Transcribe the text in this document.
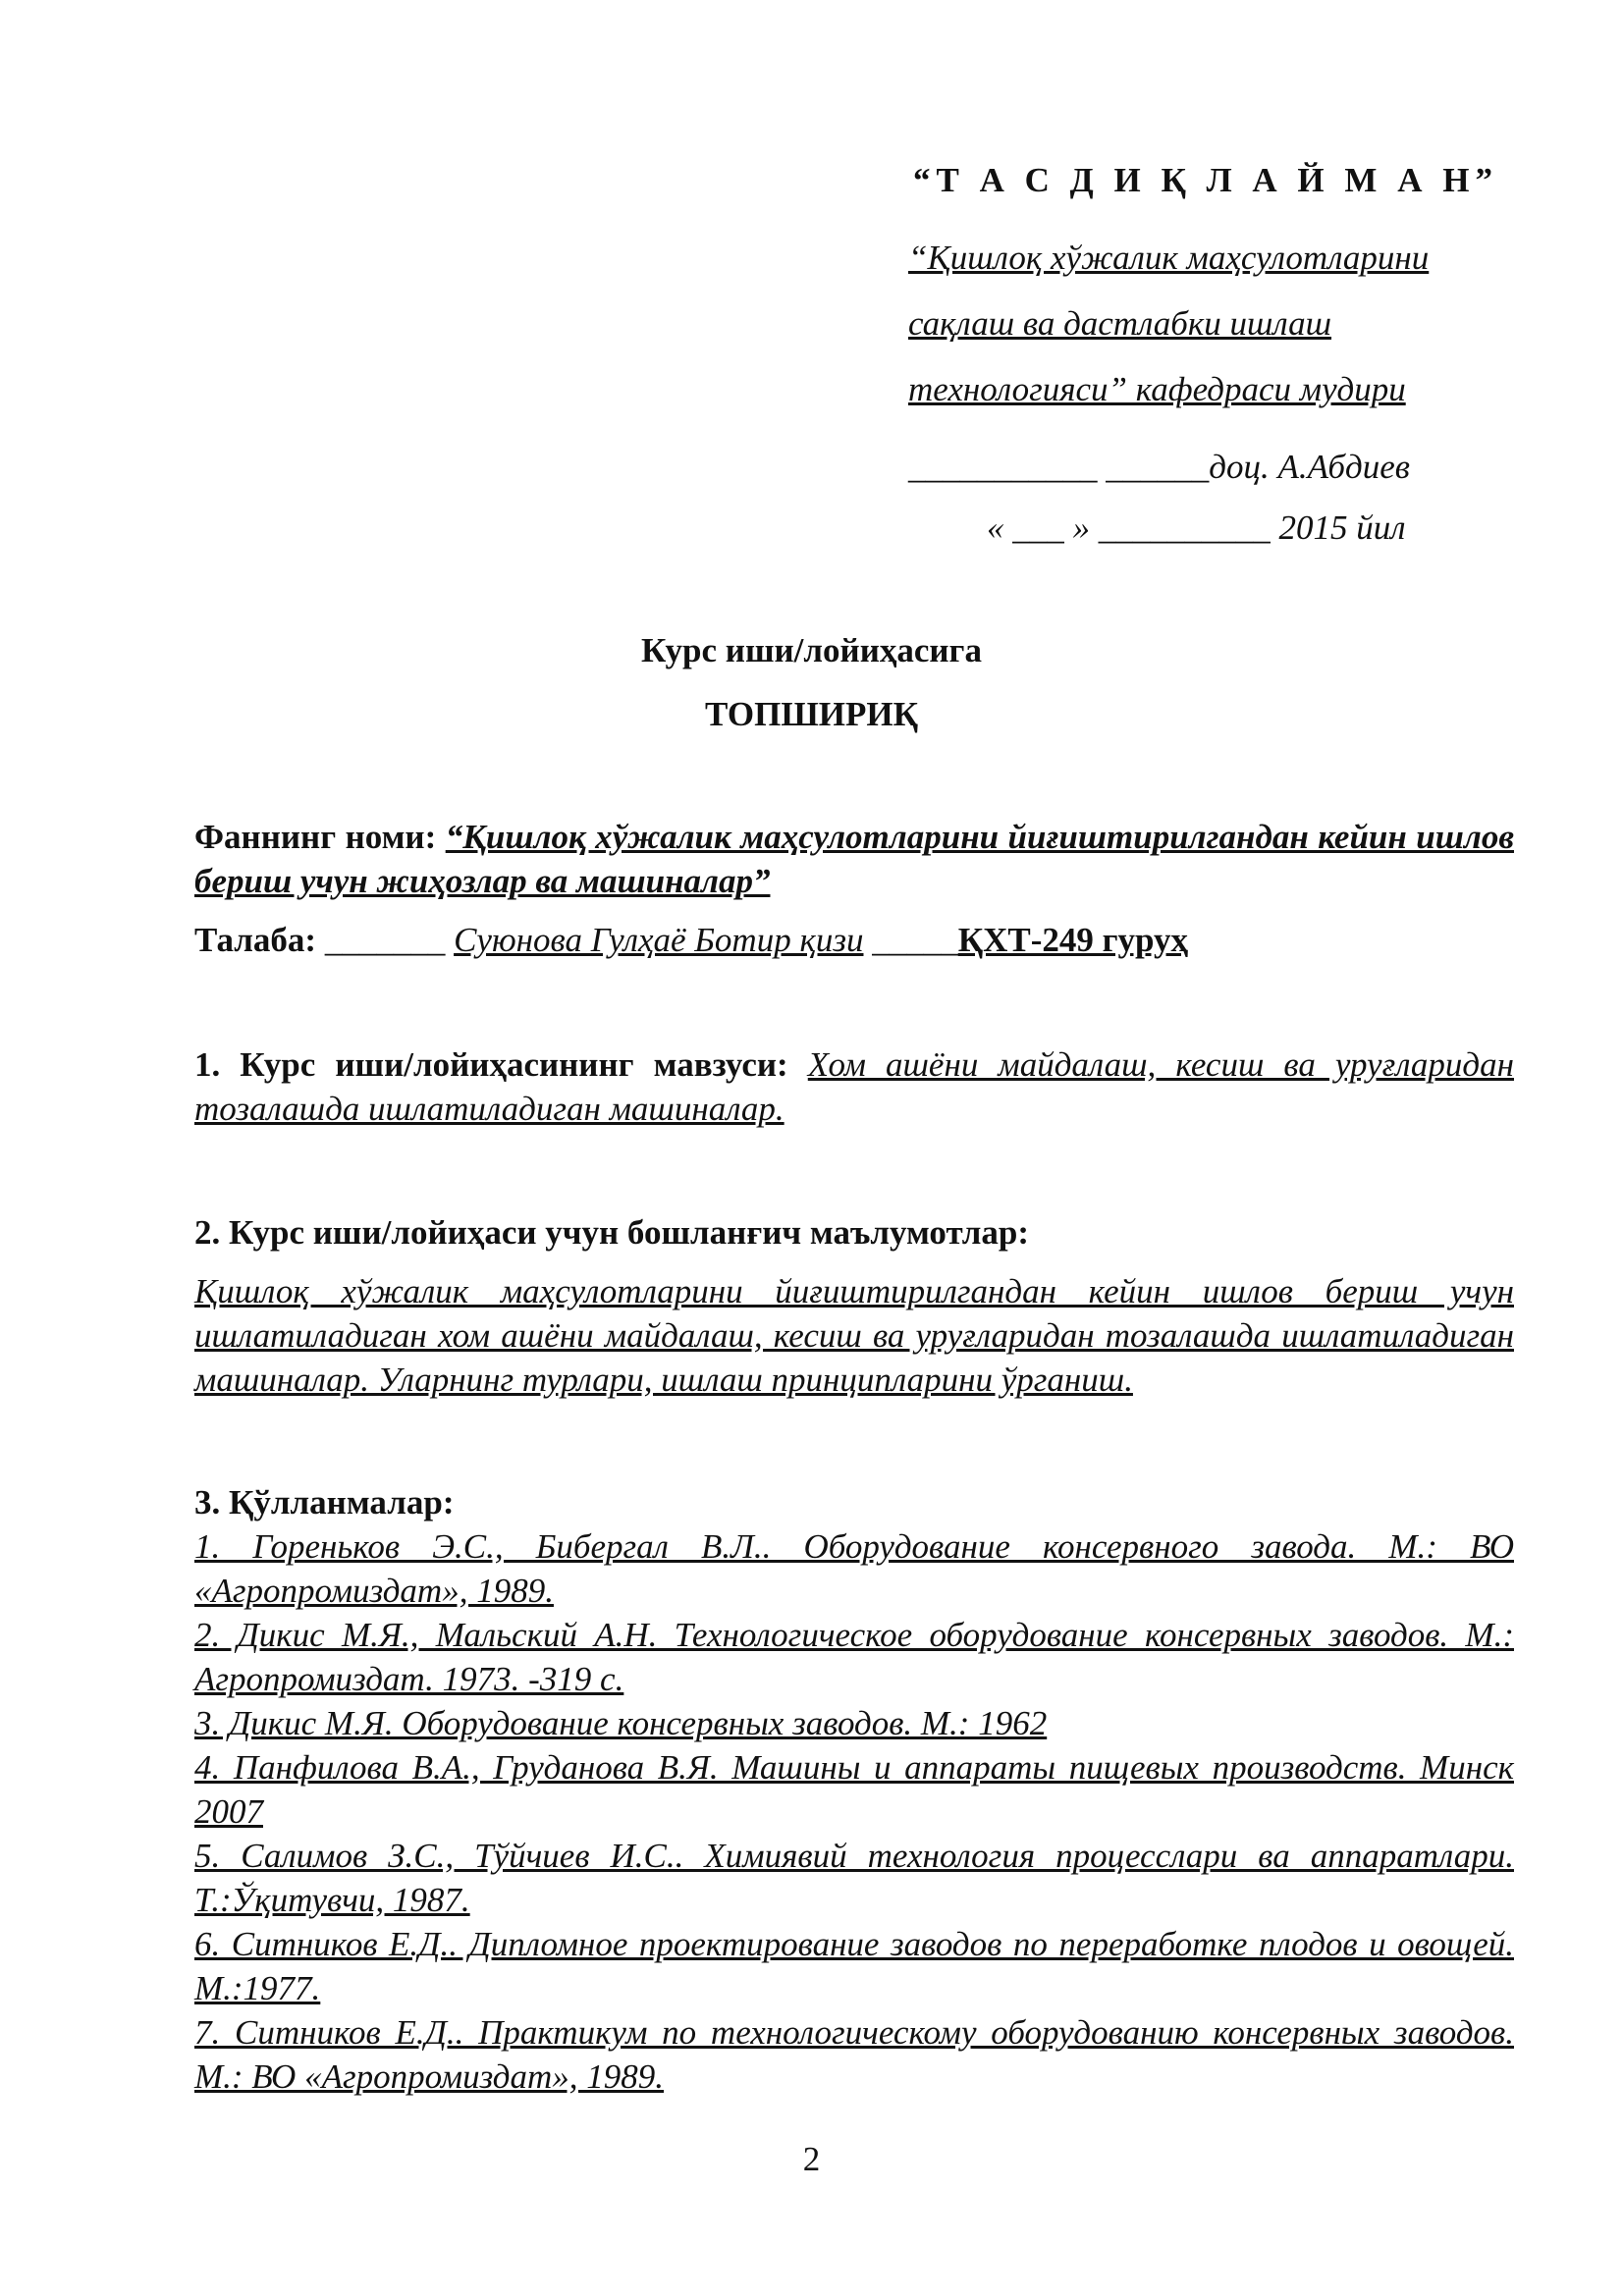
“Т А С Д И Қ Л А Й М А Н”
“Қишлоқ хўжалик маҳсулотларини
сақлаш ва дастлабки ишлаш
технологияси” кафедраси мудири
___________ ______доц. А.Абдиев
« ___ » __________ 2015 йил
Курс иши/лойиҳасига
ТОПШИРИҚ
Фаннинг номи: “Қишлоқ хўжалик маҳсулотларини йиғиштирилгандан кейин ишлов бериш учун жиҳозлар ва машиналар”
Талаба: _______ Суюнова Гулҳаё Ботир қизи _____ҚХТ-249 гуруҳ
1. Курс иши/лойиҳасининг мавзуси: Хом ашёни майдалаш, кесиш ва уруғларидан тозалашда ишлатиладиган машиналар.
2. Курс иши/лойиҳаси учун бошланғич маълумотлар:
Қишлоқ хўжалик маҳсулотларини йиғиштирилгандан кейин ишлов бериш учун ишлатиладиган хом ашёни майдалаш, кесиш ва уруғларидан тозалашда ишлатиладиган машиналар. Уларнинг турлари, ишлаш принципларини ўрганиш.
3. Қўлланмалар:
1. Гореньков Э.С., Бибергал В.Л.. Оборудование консервного завода. М.: ВО «Агропромиздат», 1989.
2. Дикис М.Я., Мальский А.Н. Технологическое оборудование консервных заводов. М.: Агропромиздат. 1973. -319 с.
3. Дикис М.Я. Оборудование консервных заводов. М.: 1962
4. Панфилова В.А., Груданова В.Я. Машины и аппараты пищевых производств. Минск 2007
5. Салимов З.С., Тўйчиев И.С.. Химиявий технология процесслари ва аппаратлари. Т.:Ўқитувчи, 1987.
6. Ситников Е.Д.. Дипломное проектирование заводов по переработке плодов и овощей. М.:1977.
7. Ситников Е.Д.. Практикум по технологическому оборудованию консервных заводов. М.: ВО «Агропромиздат», 1989.
2
